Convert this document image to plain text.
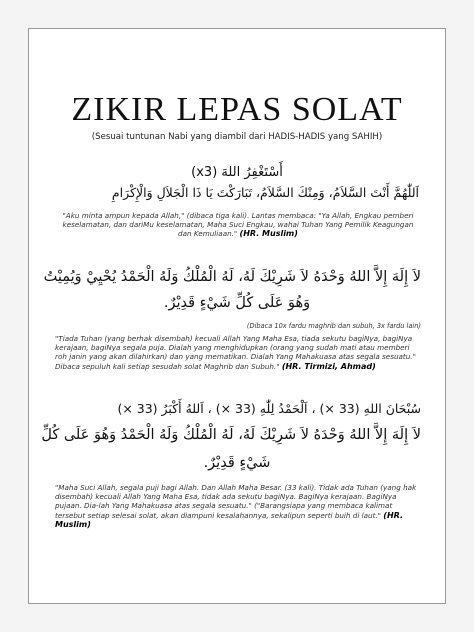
ZIKIR LEPAS SOLAT
(Sesuai tuntunan Nabi yang diambil dari HADIS-HADIS yang SAHIH)
أَسْتَغْفِرُ اللهَ (x3)
اَللّٰهُمَّ أَنْتَ السَّلاَمُ، وَمِنْكَ السَّلاَمُ، تَبَارَكْتَ يَا ذَا الْجَلاَلِ وَالْإِكْرَامِ
"Aku minta ampun kepada Allah," (dibaca tiga kali). Lantas membaca: "Ya Allah, Engkau pemberi keselamatan, dan dariMu keselamatan, Maha Suci Engkau, wahai Tuhan Yang Pemilik Keagungan dan Kemuliaan." (HR. Muslim)
لاَ إِلَهَ إِلاَّ اللهُ وَحْدَهُ لاَ شَرِيْكَ لَهُ، لَهُ الْمُلْكُ وَلَهُ الْحَمْدُ يُحْيِيْ وَيُمِيْتُ
وَهُوَ عَلَى كُلِّ شَيْءٍ قَدِيْرٌ.
(Dibaca 10x fardu maghrib dan subuh, 3x fardu lain)
"Tiada Tuhan (yang berhak disembah) kecuali Allah Yang Maha Esa, tiada sekutu bagiNya, bagiNya kerajaan, bagiNya segala puja. Dialah yang menghidupkan (orang yang sudah mati atau memberi roh janin yang akan dilahirkan) dan yang mematikan. Dialah Yang Mahakuasa atas segala sesuatu." Dibaca sepuluh kali setiap sesudah solat Maghrib dan Subuh." (HR. Tirmizi, Ahmad)
سُبْحَانَ اللهِ (33 ×) ، اَلْحَمْدُ لِلّٰهِ (33 ×) ، اَللهُ أَكْبَرُ (33 ×)
لاَ إِلَهَ إِلاَّ اللهُ وَحْدَهُ لاَ شَرِيْكَ لَهُ، لَهُ الْمُلْكُ وَلَهُ الْحَمْدُ وَهُوَ عَلَى كُلِّ
شَيْءٍ قَدِيْرٌ.
"Maha Suci Allah, segala puji bagi Allah. Dan Allah Maha Besar. (33 kali). Tidak ada Tuhan (yang hak disembah) kecuali Allah Yang Maha Esa, tidak ada sekutu bagiNya. BagiNya kerajaan. BagiNya pujaan. Dia-lah Yang Mahakuasa atas segala sesuatu." ("Barangsiapa yang membaca kalimat tersebut setiap selesai solat, akan diampuni kesalahannya, sekalipun seperti buih di laut." (HR. Muslim)
